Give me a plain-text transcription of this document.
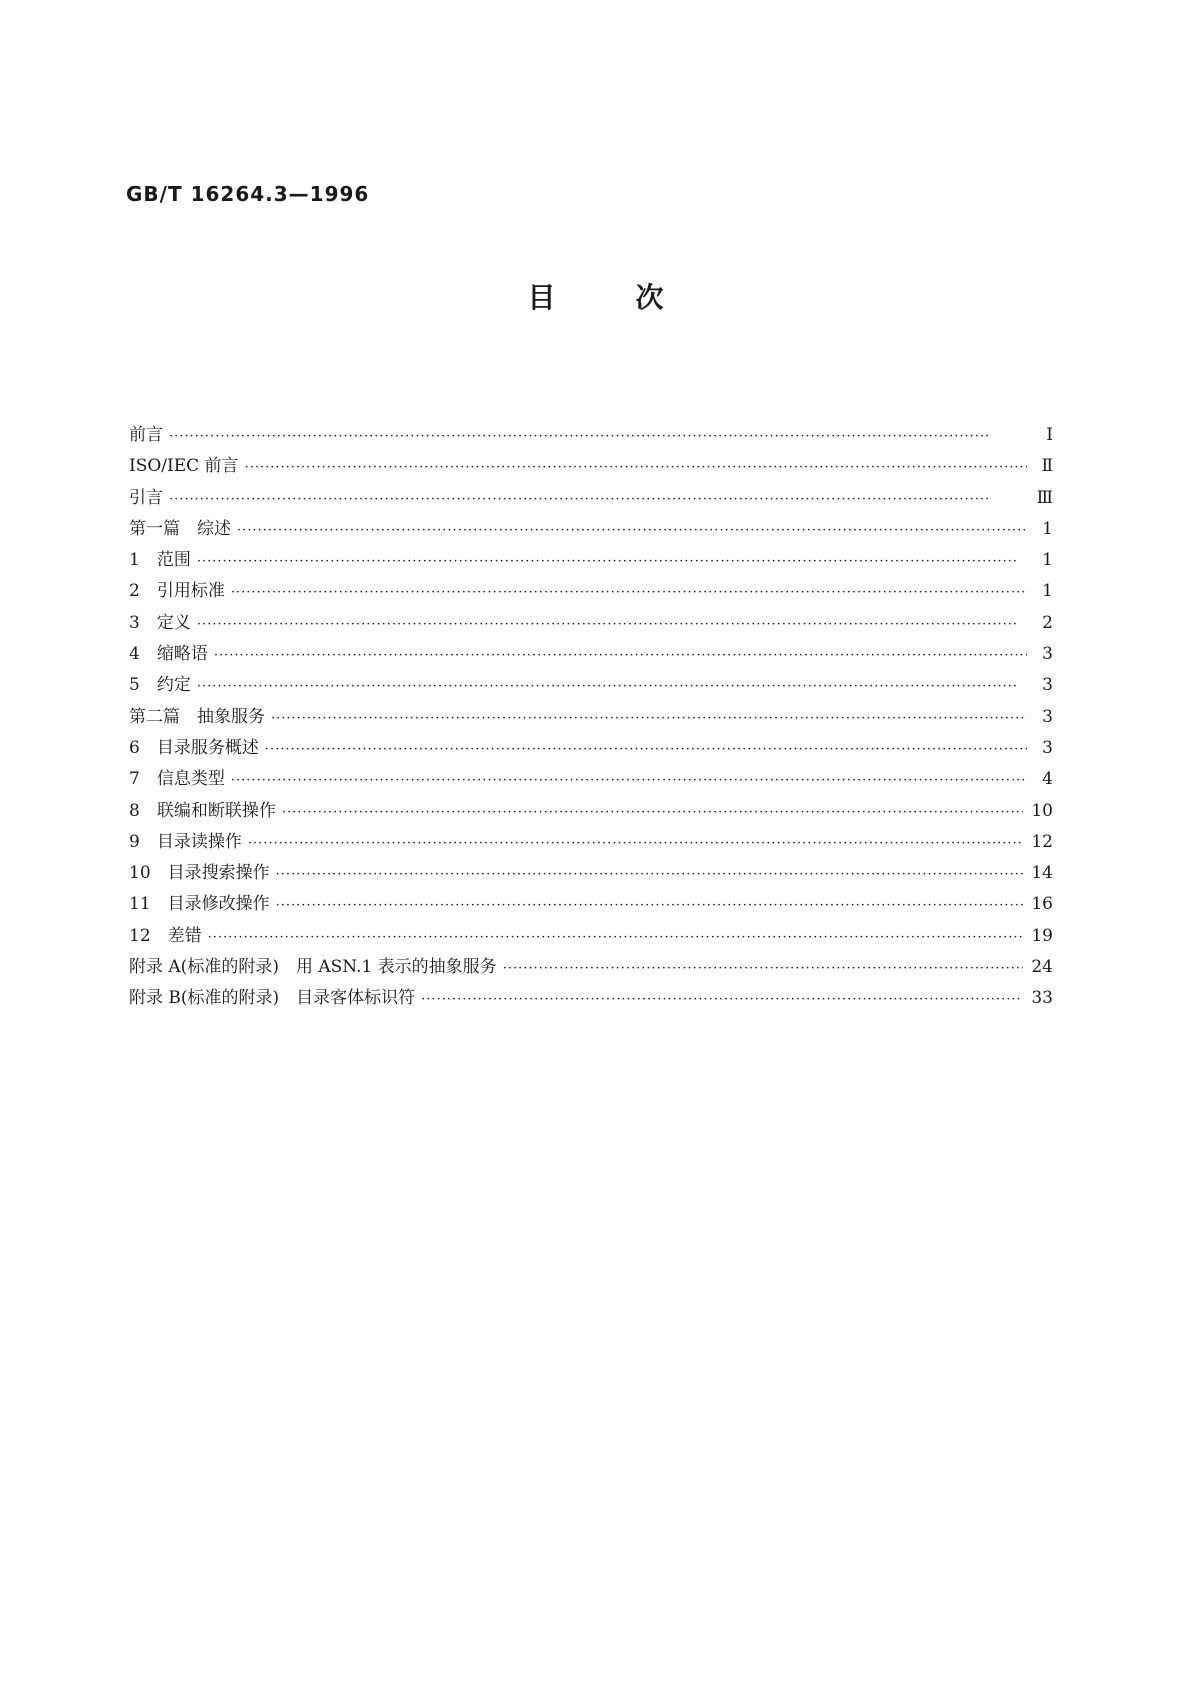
GB/T 16264.3—1996
目次
前言 ·····	Ⅰ
ISO/IEC 前言 ·····	Ⅱ
引言 ·····	Ⅲ
第一篇　综述 ·····	1
1　范围 ·····	1
2　引用标准 ·····	1
3　定义 ·····	2
4　缩略语 ·····	3
5　约定 ·····	3
第二篇　抽象服务 ·····	3
6　目录服务概述 ·····	3
7　信息类型 ·····	4
8　联编和断联操作 ·····	10
9　目录读操作 ·····	12
10　目录搜索操作 ·····	14
11　目录修改操作 ·····	16
12　差错 ·····	19
附录 A(标准的附录)　用 ASN.1 表示的抽象服务 ·····	24
附录 B(标准的附录)　目录客体标识符 ·····	33
